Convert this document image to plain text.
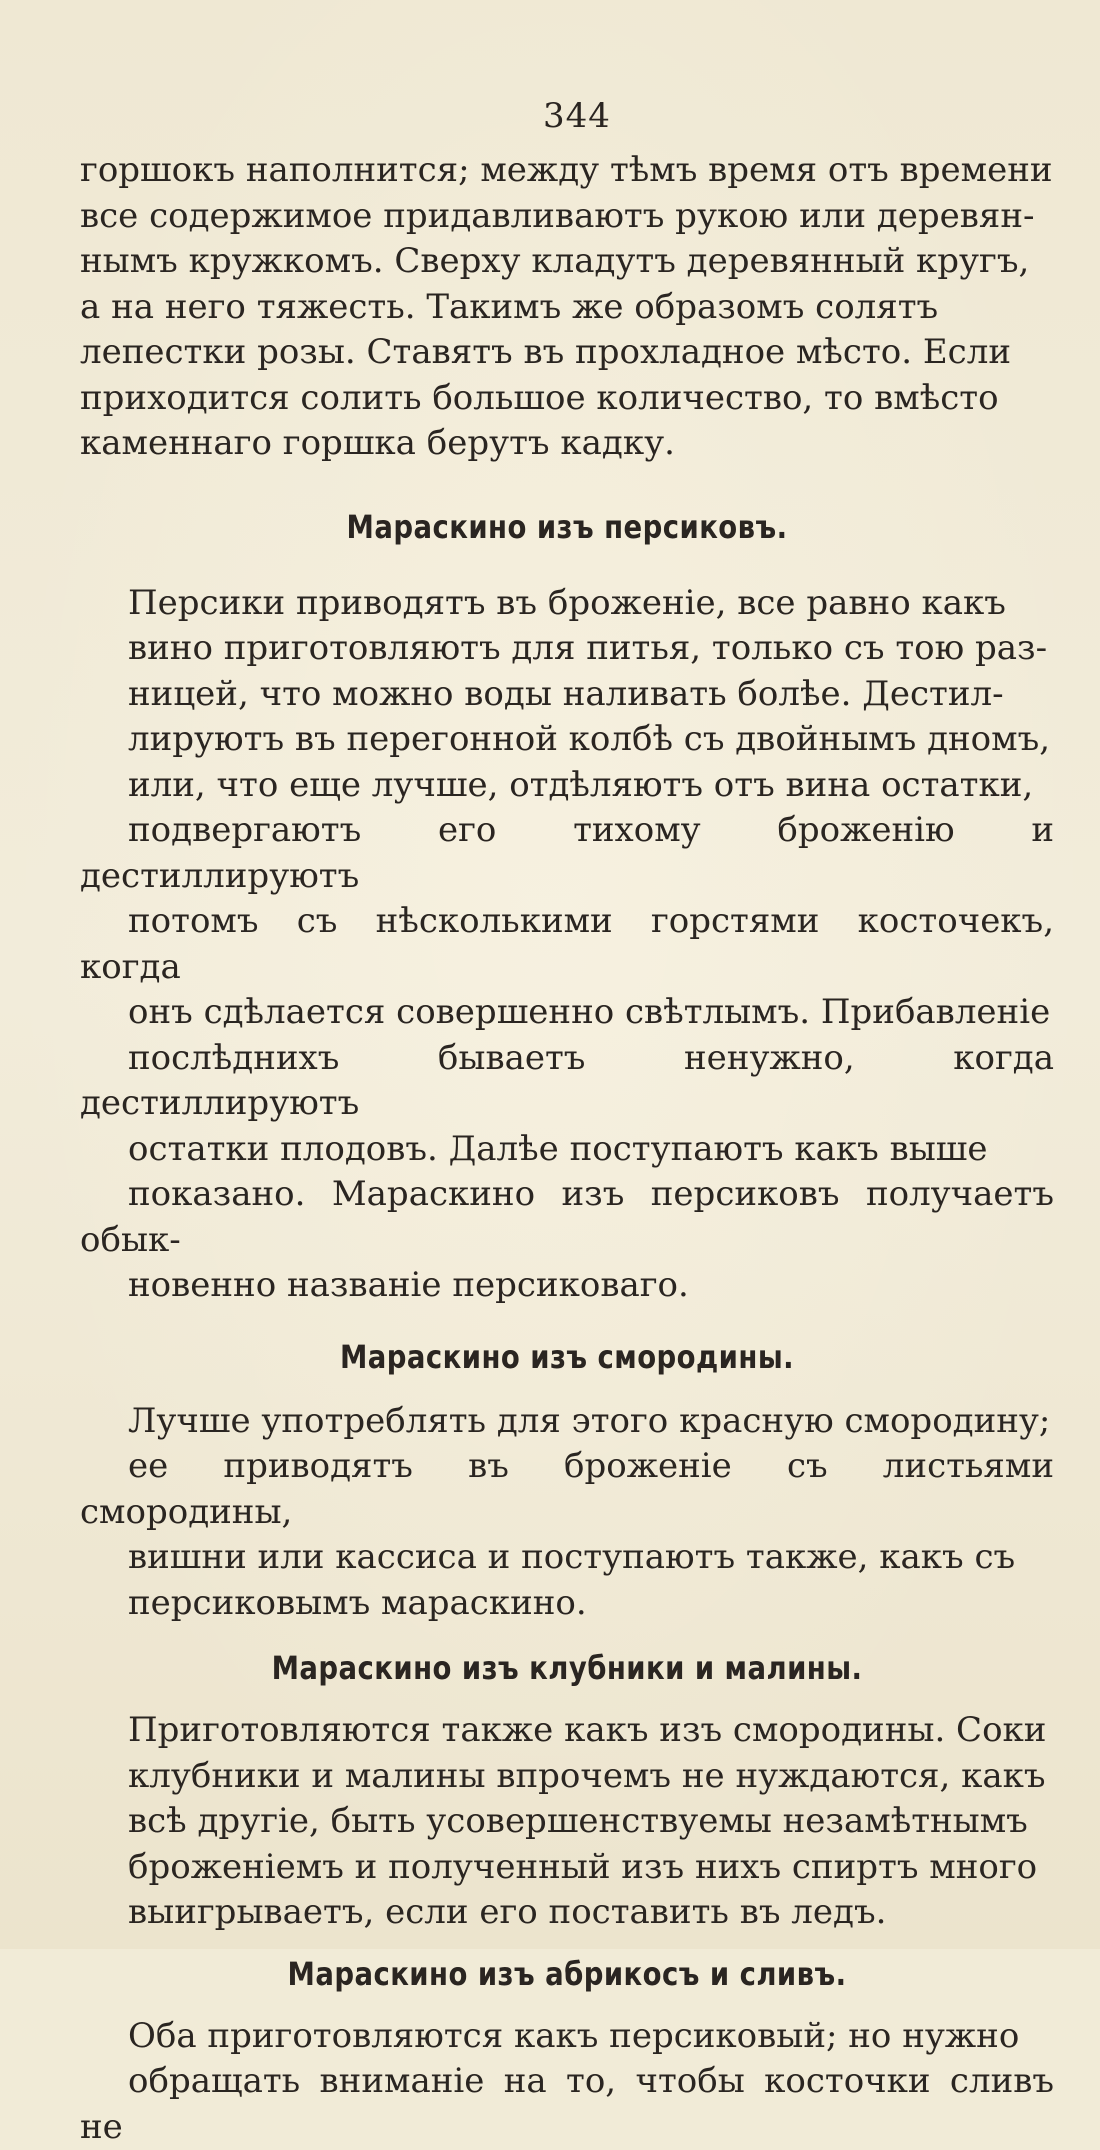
344

горшокъ наполнится; между тѣмъ время отъ времени
все содержимое придавливаютъ рукою или деревян-
нымъ кружкомъ. Сверху кладутъ деревянный кругъ,
а на него тяжесть. Такимъ же образомъ солятъ
лепестки розы. Ставятъ въ прохладное мѣсто. Если
приходится солить большое количество, то вмѣсто
каменнаго горшка берутъ кадку.

Мараскино изъ персиковъ.

Персики приводятъ въ броженіе, все равно какъ
вино приготовляютъ для питья, только съ тою раз-
ницей, что можно воды наливать болѣе. Дестил-
лируютъ въ перегонной колбѣ съ двойнымъ дномъ,
или, что еще лучше, отдѣляютъ отъ вина остатки,
подвергаютъ его тихому броженію и дестиллируютъ
потомъ съ нѣсколькими горстями косточекъ, когда
онъ сдѣлается совершенно свѣтлымъ. Прибавленіе
послѣднихъ бываетъ ненужно, когда дестиллируютъ
остатки плодовъ. Далѣе поступаютъ какъ выше
показано. Мараскино изъ персиковъ получаетъ обык-
новенно названіе персиковаго.

Мараскино изъ смородины.

Лучше употреблять для этого красную смородину;
ее приводятъ въ броженіе съ листьями смородины,
вишни или кассиса и поступаютъ также, какъ съ
персиковымъ мараскино.

Мараскино изъ клубники и малины.

Приготовляются также какъ изъ смородины. Соки
клубники и малины впрочемъ не нуждаются, какъ
всѣ другіе, быть усовершенствуемы незамѣтнымъ
броженіемъ и полученный изъ нихъ спиртъ много
выигрываетъ, если его поставить въ ледъ.

Мараскино изъ абрикосъ и сливъ.

Оба приготовляются какъ персиковый; но нужно
обращать вниманіе на то, чтобы косточки сливъ не
